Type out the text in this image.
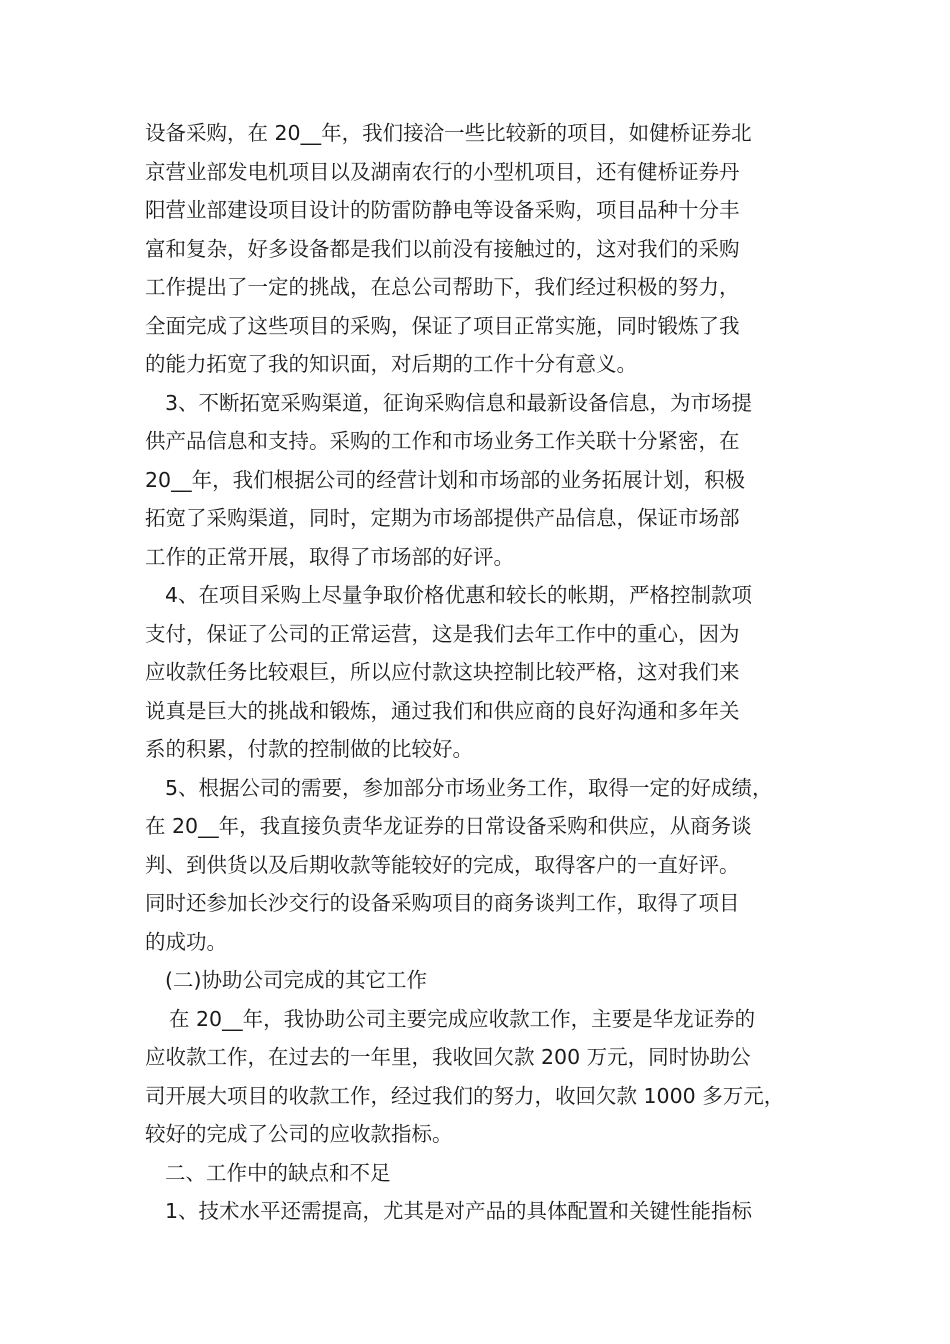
设备采购，在 20__年，我们接洽一些比较新的项目，如健桥证券北
京营业部发电机项目以及湖南农行的小型机项目，还有健桥证券丹
阳营业部建设项目设计的防雷防静电等设备采购，项目品种十分丰
富和复杂，好多设备都是我们以前没有接触过的，这对我们的采购
工作提出了一定的挑战，在总公司帮助下，我们经过积极的努力，
全面完成了这些项目的采购，保证了项目正常实施，同时锻炼了我
的能力拓宽了我的知识面，对后期的工作十分有意义。
3、不断拓宽采购渠道，征询采购信息和最新设备信息，为市场提
供产品信息和支持。采购的工作和市场业务工作关联十分紧密，在
20__年，我们根据公司的经营计划和市场部的业务拓展计划，积极
拓宽了采购渠道，同时，定期为市场部提供产品信息，保证市场部
工作的正常开展，取得了市场部的好评。
4、在项目采购上尽量争取价格优惠和较长的帐期，严格控制款项
支付，保证了公司的正常运营，这是我们去年工作中的重心，因为
应收款任务比较艰巨，所以应付款这块控制比较严格，这对我们来
说真是巨大的挑战和锻炼，通过我们和供应商的良好沟通和多年关
系的积累，付款的控制做的比较好。
5、根据公司的需要，参加部分市场业务工作，取得一定的好成绩，
在 20__年，我直接负责华龙证券的日常设备采购和供应，从商务谈
判、到供货以及后期收款等能较好的完成，取得客户的一直好评。
同时还参加长沙交行的设备采购项目的商务谈判工作，取得了项目
的成功。
(二)协助公司完成的其它工作
在 20__年，我协助公司主要完成应收款工作，主要是华龙证券的
应收款工作，在过去的一年里，我收回欠款 200 万元，同时协助公
司开展大项目的收款工作，经过我们的努力，收回欠款 1000 多万元，
较好的完成了公司的应收款指标。
二、工作中的缺点和不足
1、技术水平还需提高，尤其是对产品的具体配置和关键性能指标
